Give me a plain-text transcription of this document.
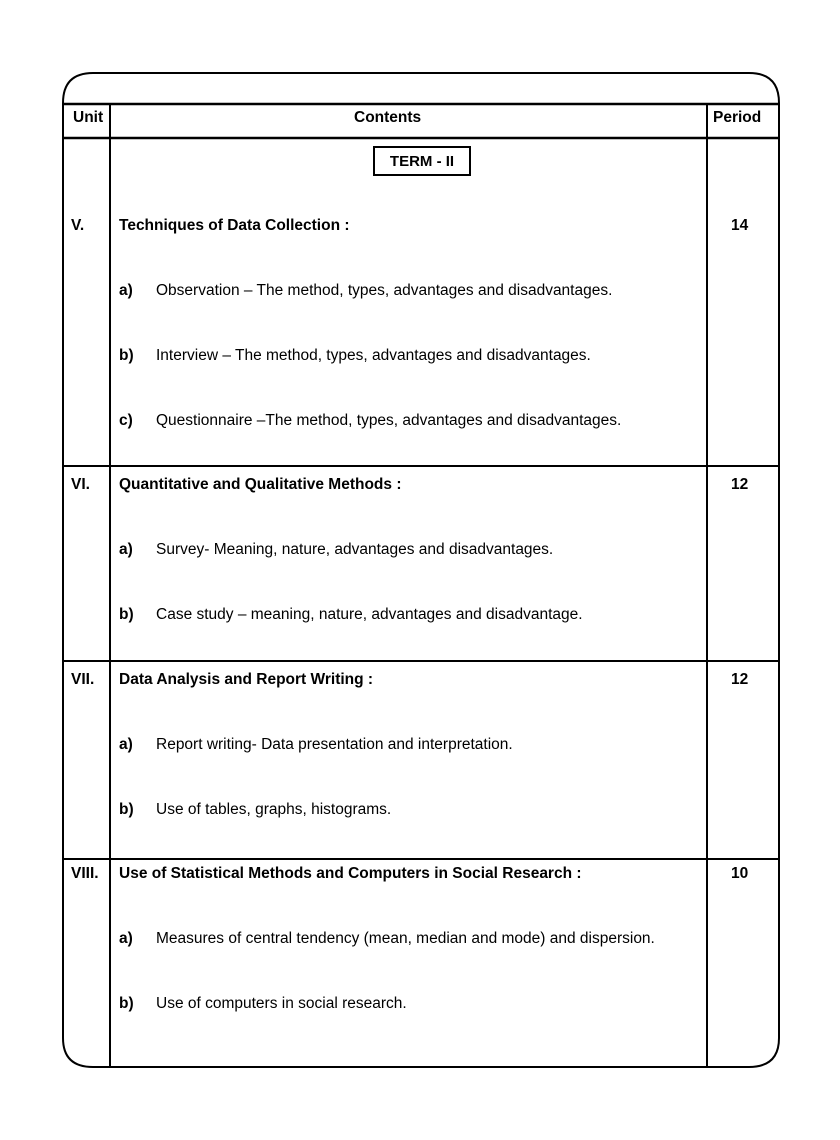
Unit	Contents	Period
TERM - II
V. Techniques of Data Collection :	14
a) Observation – The method, types, advantages and disadvantages.
b) Interview – The method, types, advantages and disadvantages.
c) Questionnaire –The method, types, advantages and disadvantages.
VI. Quantitative and Qualitative Methods :	12
a) Survey- Meaning, nature, advantages and disadvantages.
b) Case study – meaning, nature, advantages and disadvantage.
VII. Data Analysis and Report Writing :	12
a) Report writing- Data presentation and interpretation.
b) Use of tables, graphs, histograms.
VIII. Use of Statistical Methods and Computers in Social Research :	10
a) Measures of central tendency (mean, median and mode) and dispersion.
b) Use of computers in social research.
